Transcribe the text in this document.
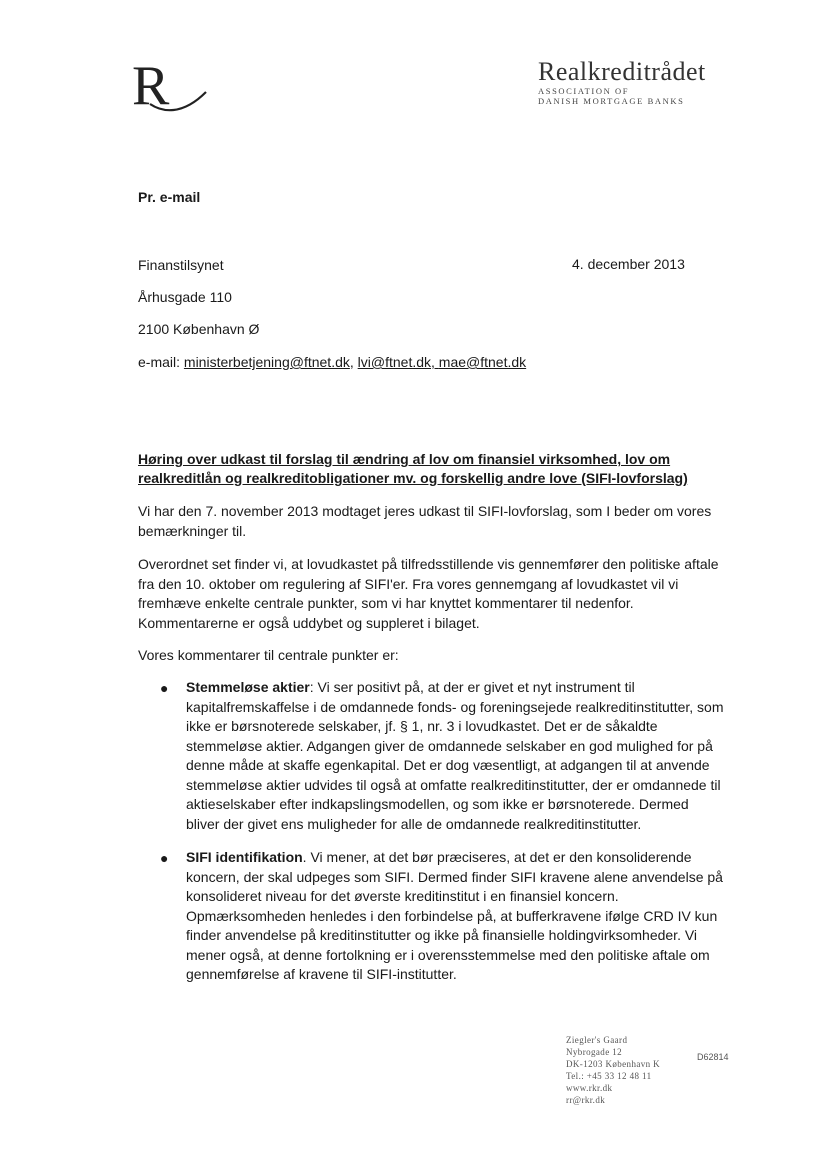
R	Realkreditrådet
ASSOCIATION OF
DANISH MORTGAGE BANKS
Pr. e-mail
Finanstilsynet
Århusgade 110
2100 København Ø
e-mail: ministerbetjening@ftnet.dk, lvi@ftnet.dk, mae@ftnet.dk
4. december 2013
Høring over udkast til forslag til ændring af lov om finansiel virksomhed, lov om realkreditlån og realkreditobligationer mv. og forskellig andre love (SIFI-lovforslag)
Vi har den 7. november 2013 modtaget jeres udkast til SIFI-lovforslag, som I beder om vores bemærkninger til.
Overordnet set finder vi, at lovudkastet på tilfredsstillende vis gennemfører den politiske aftale fra den 10. oktober om regulering af SIFI'er. Fra vores gennemgang af lovudkastet vil vi fremhæve enkelte centrale punkter, som vi har knyttet kommentarer til nedenfor. Kommentarerne er også uddybet og suppleret i bilaget.
Vores kommentarer til centrale punkter er:
● Stemmeløse aktier: Vi ser positivt på, at der er givet et nyt instrument til kapitalfremskaffelse i de omdannede fonds- og foreningsejede realkreditinstitutter, som ikke er børsnoterede selskaber, jf. § 1, nr. 3 i lovudkastet. Det er de såkaldte stemmeløse aktier. Adgangen giver de omdannede selskaber en god mulighed for på denne måde at skaffe egenkapital. Det er dog væsentligt, at adgangen til at anvende stemmeløse aktier udvides til også at omfatte realkreditinstitutter, der er omdannede til aktieselskaber efter indkapslingsmodellen, og som ikke er børsnoterede. Dermed bliver der givet ens muligheder for alle de omdannede realkreditinstitutter.
● SIFI identifikation. Vi mener, at det bør præciseres, at det er den konsoliderende koncern, der skal udpeges som SIFI. Dermed finder SIFI kravene alene anvendelse på konsolideret niveau for det øverste kreditinstitut i en finansiel koncern. Opmærksomheden henledes i den forbindelse på, at bufferkravene ifølge CRD IV kun finder anvendelse på kreditinstitutter og ikke på finansielle holdingvirksomheder. Vi mener også, at denne fortolkning er i overensstemmelse med den politiske aftale om gennemførelse af kravene til SIFI-institutter.
Ziegler's Gaard
Nybrogade 12
DK-1203 København K
Tel.: +45 33 12 48 11
www.rkr.dk
rr@rkr.dk
D62814
